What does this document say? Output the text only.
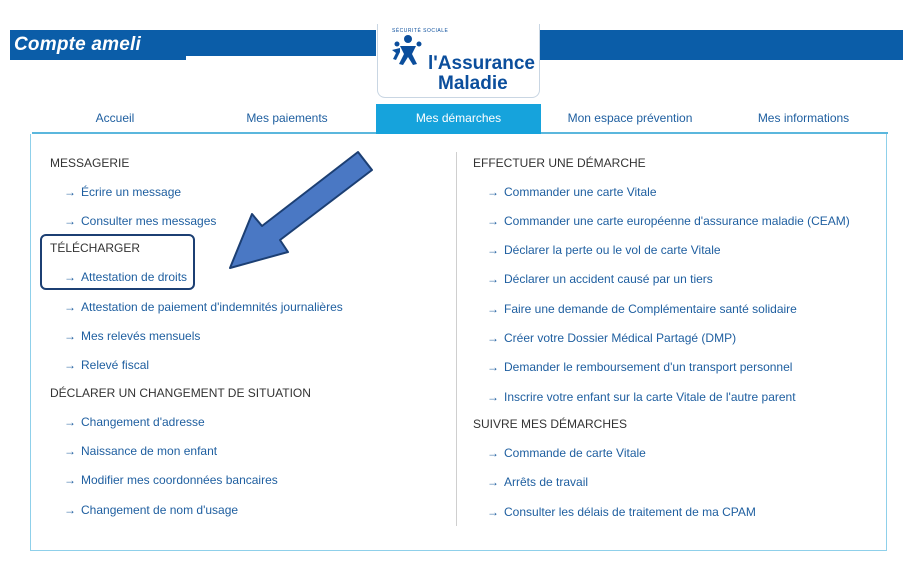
Compte ameli
SÉCURITÉ SOCIALE
l'Assurance
Maladie
Accueil	Mes paiements	Mes démarches	Mon espace prévention	Mes informations
MESSAGERIE
→ Écrire un message
→ Consulter mes messages
TÉLÉCHARGER
→ Attestation de droits
→ Attestation de paiement d'indemnités journalières
→ Mes relevés mensuels
→ Relevé fiscal
DÉCLARER UN CHANGEMENT DE SITUATION
→ Changement d'adresse
→ Naissance de mon enfant
→ Modifier mes coordonnées bancaires
→ Changement de nom d'usage
EFFECTUER UNE DÉMARCHE
→ Commander une carte Vitale
→ Commander une carte européenne d'assurance maladie (CEAM)
→ Déclarer la perte ou le vol de carte Vitale
→ Déclarer un accident causé par un tiers
→ Faire une demande de Complémentaire santé solidaire
→ Créer votre Dossier Médical Partagé (DMP)
→ Demander le remboursement d'un transport personnel
→ Inscrire votre enfant sur la carte Vitale de l'autre parent
SUIVRE MES DÉMARCHES
→ Commande de carte Vitale
→ Arrêts de travail
→ Consulter les délais de traitement de ma CPAM
